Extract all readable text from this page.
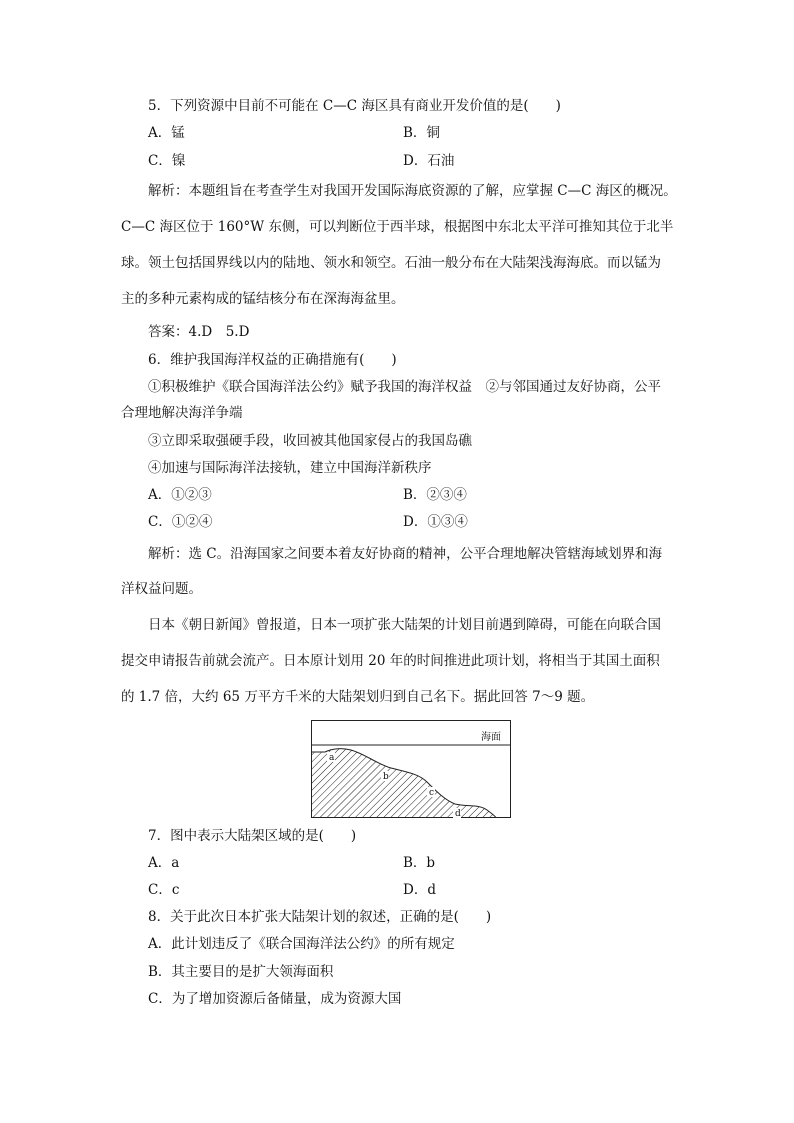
5．下列资源中目前不可能在 C—C 海区具有商业开发价值的是(　　)
A．锰	B．铜
C．镍	D．石油
解析：本题组旨在考查学生对我国开发国际海底资源的了解，应掌握 C—C 海区的概况。
C—C 海区位于 160°W 东侧，可以判断位于西半球，根据图中东北太平洋可推知其位于北半
球。领土包括国界线以内的陆地、领水和领空。石油一般分布在大陆架浅海海底。而以锰为
主的多种元素构成的锰结核分布在深海海盆里。
答案：4.D　5.D
6．维护我国海洋权益的正确措施有(　　)
①积极维护《联合国海洋法公约》赋予我国的海洋权益　②与邻国通过友好协商，公平
合理地解决海洋争端
③立即采取强硬手段，收回被其他国家侵占的我国岛礁
④加速与国际海洋法接轨，建立中国海洋新秩序
A．①②③	B．②③④
C．①②④	D．①③④
解析：选 C。沿海国家之间要本着友好协商的精神，公平合理地解决管辖海域划界和海
洋权益问题。
日本《朝日新闻》曾报道，日本一项扩张大陆架的计划目前遇到障碍，可能在向联合国
提交申请报告前就会流产。日本原计划用 20 年的时间推进此项计划，将相当于其国土面积
的 1.7 倍，大约 65 万平方千米的大陆架划归到自己名下。据此回答 7～9 题。
海面
a
b
c
d
7．图中表示大陆架区域的是(　　)
A．a	B．b
C．c	D．d
8．关于此次日本扩张大陆架计划的叙述，正确的是(　　)
A．此计划违反了《联合国海洋法公约》的所有规定
B．其主要目的是扩大领海面积
C．为了增加资源后备储量，成为资源大国
